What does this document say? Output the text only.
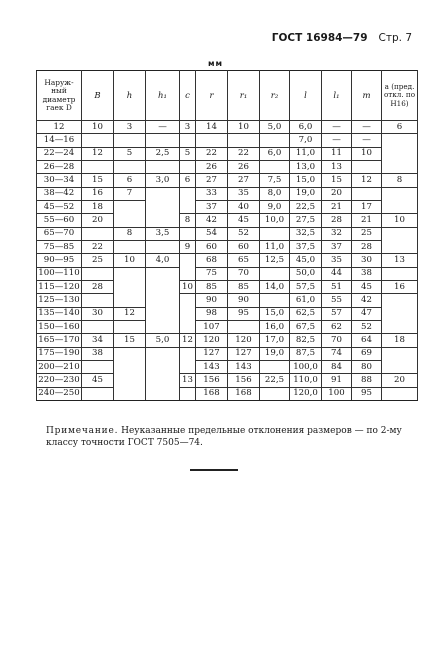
ГОСТ 16984—79 Стр. 7
мм
Наруж-ный диаметр гаек D	B	h	h₁	c	r	r₁	r₂	l	l₁	m	a (пред. откл. по H16)
12	10	3	—	3	14	10	5,0	6,0	—	—	6
14—16								7,0	—	—	
22—24	12	5	2,5	5	22	22	6,0	11,0	11	10	
26—28					26	26		13,0	13		
30—34	15	6	3,0	6	27	27	7,5	15,0	15	12	8
38—42	16	7			33	35	8,0	19,0	20		
45—52	18				37	40	9,0	22,5	21	17	
55—60	20			8	42	45	10,0	27,5	28	21	10
65—70		8	3,5		54	52		32,5	32	25	
75—85	22			9	60	60	11,0	37,5	37	28	
90—95	25	10	4,0		68	65	12,5	45,0	35	30	13
100—110					75	70		50,0	44	38	
115—120	28			10	85	85	14,0	57,5	51	45	16
125—130					90	90		61,0	55	42	
135—140	30	12			98	95	15,0	62,5	57	47	
150—160					107		16,0	67,5	62	52	
165—170	34	15	5,0	12	120	120	17,0	82,5	70	64	18
175—190	38				127	127	19,0	87,5	74	69	
200—210					143	143		100,0	84	80	
220—230	45			13	156	156	22,5	110,0	91	88	20
240—250					168	168		120,0	100	95	
Примечание. Неуказанные предельные отклонения размеров — по 2-му классу точности ГОСТ 7505—74.
